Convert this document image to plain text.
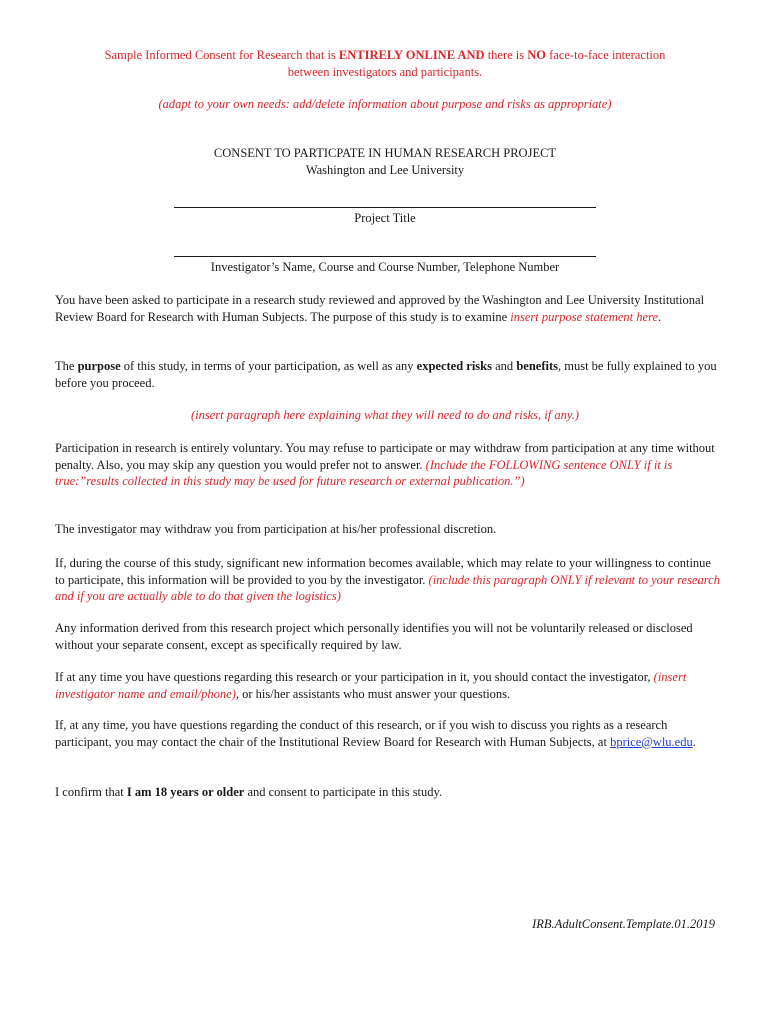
Sample Informed Consent for Research that is ENTIRELY ONLINE AND there is NO face-to-face interaction

between investigators and participants.

(adapt to your own needs: add/delete information about purpose and risks as appropriate)

CONSENT TO PARTICPATE IN HUMAN RESEARCH PROJECT

Washington and Lee University

Project Title

Investigator’s Name, Course and Course Number, Telephone Number

You have been asked to participate in a research study reviewed and approved by the Washington and Lee University Institutional Review Board for Research with Human Subjects. The purpose of this study is to examine insert purpose statement here.

The purpose of this study, in terms of your participation, as well as any expected risks and benefits, must be fully explained to you before you proceed.

(insert paragraph here explaining what they will need to do and risks, if any.)

Participation in research is entirely voluntary. You may refuse to participate or may withdraw from participation at any time without penalty. Also, you may skip any question you would prefer not to answer. (Include the FOLLOWING sentence ONLY if it is true:”results collected in this study may be used for future research or external publication.”)

The investigator may withdraw you from participation at his/her professional discretion.

If, during the course of this study, significant new information becomes available, which may relate to your willingness to continue to participate, this information will be provided to you by the investigator. (include this paragraph ONLY if relevant to your research and if you are actually able to do that given the logistics)

Any information derived from this research project which personally identifies you will not be voluntarily released or disclosed without your separate consent, except as specifically required by law.

If at any time you have questions regarding this research or your participation in it, you should contact the investigator, (insert investigator name and email/phone), or his/her assistants who must answer your questions.

If, at any time, you have questions regarding the conduct of this research, or if you wish to discuss you rights as a research participant, you may contact the chair of the Institutional Review Board for Research with Human Subjects, at bprice@wlu.edu.

I confirm that I am 18 years or older and consent to participate in this study.

IRB.AdultConsent.Template.01.2019
